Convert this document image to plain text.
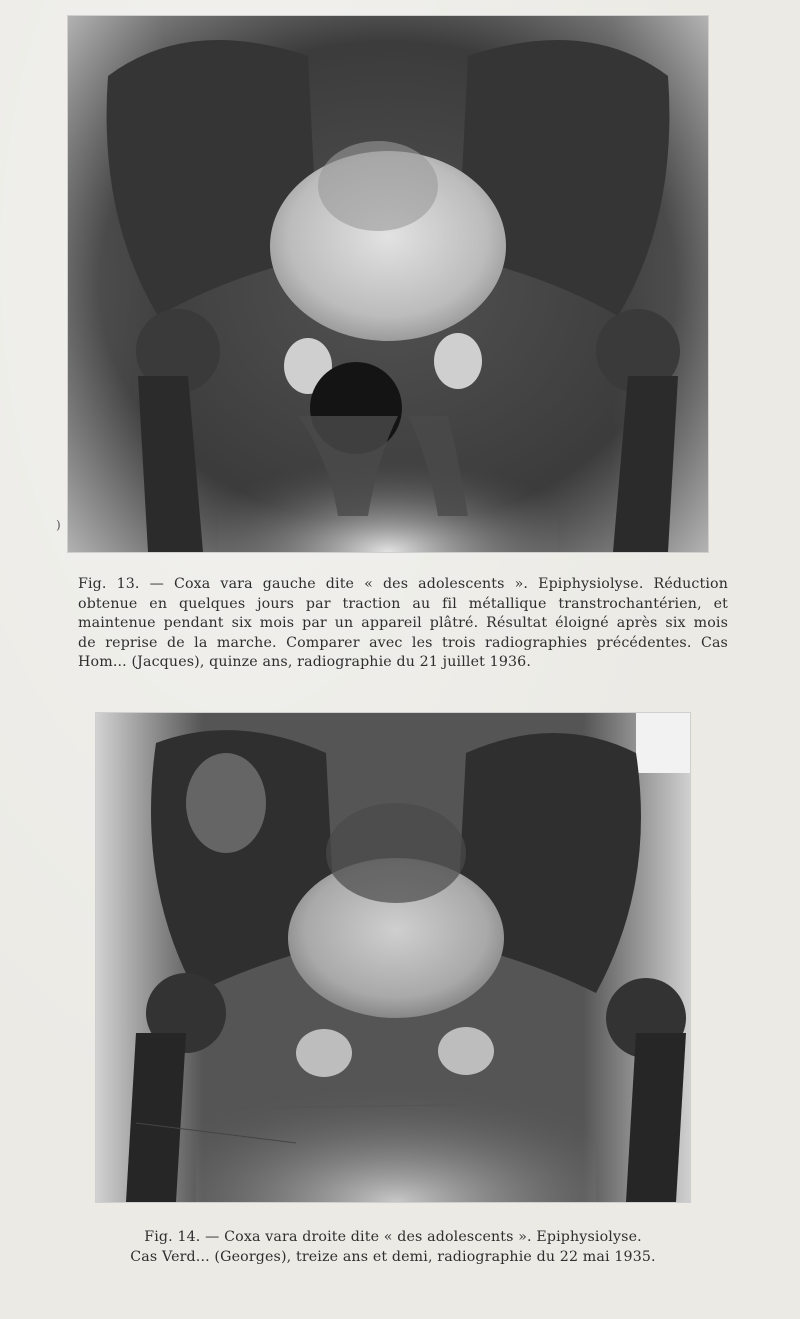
)
Fig. 13. — Coxa vara gauche dite « des adolescents ». Epiphysiolyse. Réduction
obtenue en quelques jours par traction au fil métallique transtrochantérien, et
maintenue pendant six mois par un appareil plâtré. Résultat éloigné après six mois
de reprise de la marche. Comparer avec les trois radiographies précédentes. Cas
Hom... (Jacques), quinze ans, radiographie du 21 juillet 1936.
Fig. 14. — Coxa vara droite dite « des adolescents ». Epiphysiolyse.
Cas Verd... (Georges), treize ans et demi, radiographie du 22 mai 1935.
